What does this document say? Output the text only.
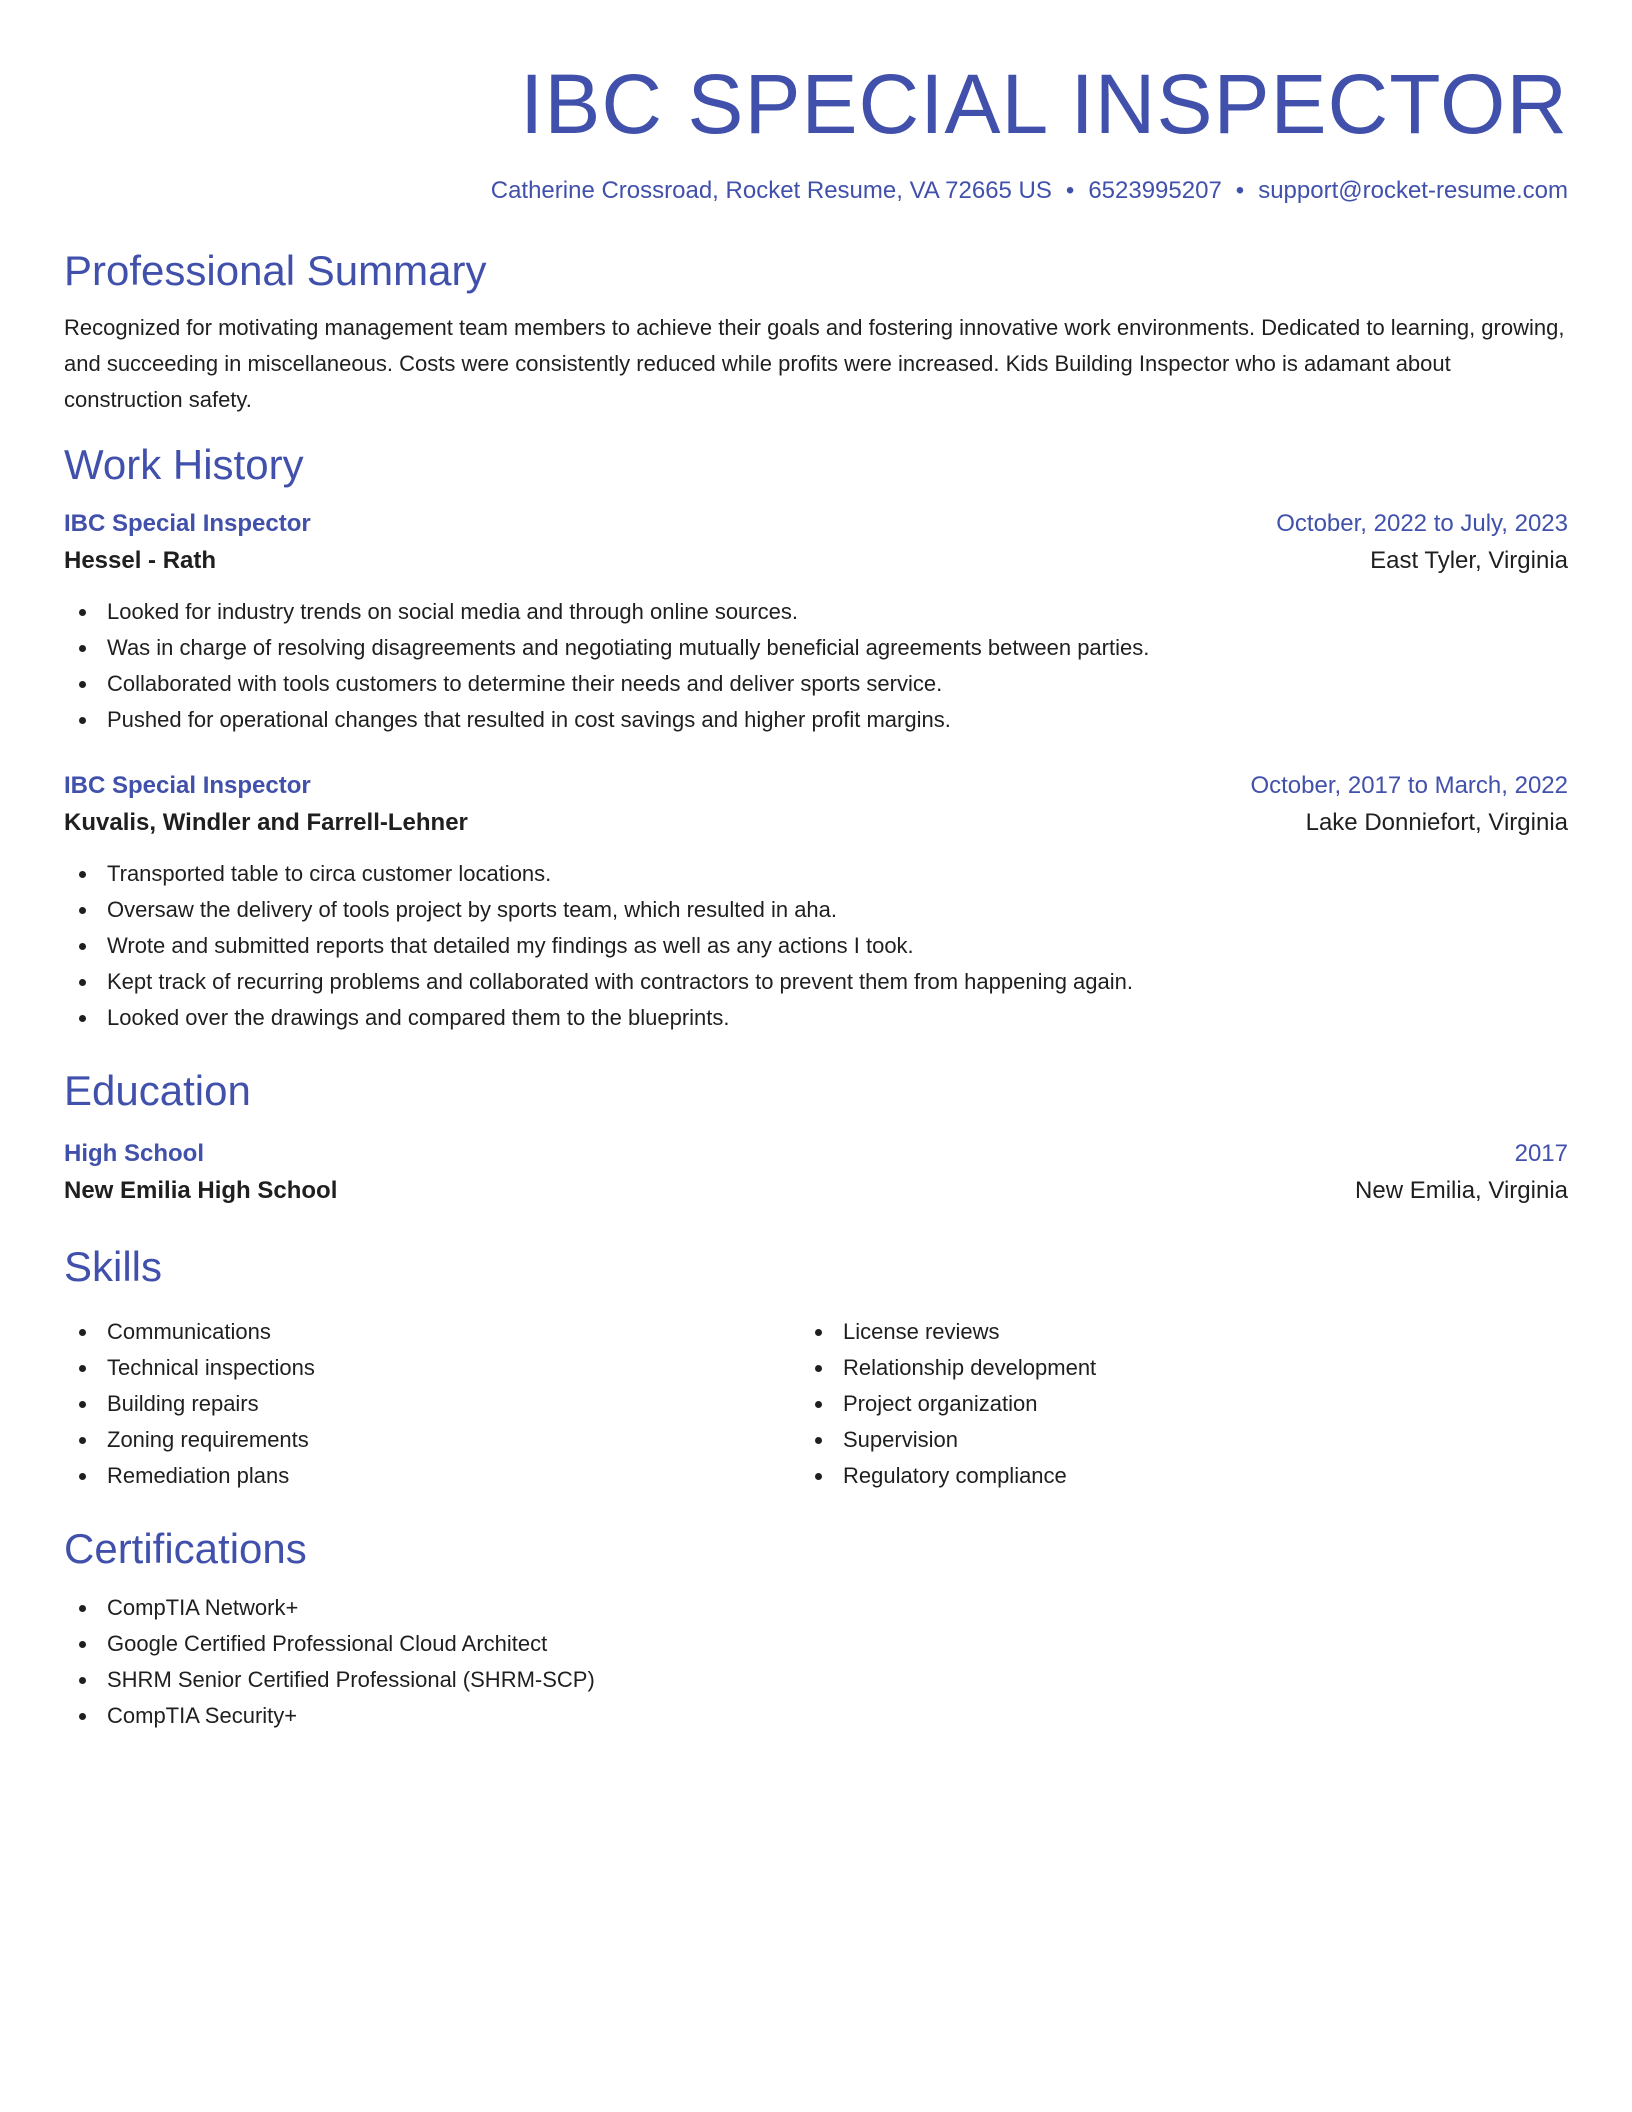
IBC SPECIAL INSPECTOR
Catherine Crossroad, Rocket Resume, VA 72665 US • 6523995207 • support@rocket-resume.com
Professional Summary

Recognized for motivating management team members to achieve their goals and fostering innovative work environments. Dedicated to learning, growing, and succeeding in miscellaneous. Costs were consistently reduced while profits were increased. Kids Building Inspector who is adamant about construction safety.

Work History
IBC Special Inspector	October, 2022 to July, 2023
Hessel - Rath	East Tyler, Virginia
Looked for industry trends on social media and through online sources.
Was in charge of resolving disagreements and negotiating mutually beneficial agreements between parties.
Collaborated with tools customers to determine their needs and deliver sports service.
Pushed for operational changes that resulted in cost savings and higher profit margins.
IBC Special Inspector	October, 2017 to March, 2022
Kuvalis, Windler and Farrell-Lehner	Lake Donniefort, Virginia
Transported table to circa customer locations.
Oversaw the delivery of tools project by sports team, which resulted in aha.
Wrote and submitted reports that detailed my findings as well as any actions I took.
Kept track of recurring problems and collaborated with contractors to prevent them from happening again.
Looked over the drawings and compared them to the blueprints.
Education
High School	2017
New Emilia High School	New Emilia, Virginia
Skills
Communications
Technical inspections
Building repairs
Zoning requirements
Remediation plans
License reviews
Relationship development
Project organization
Supervision
Regulatory compliance
Certifications
CompTIA Network+
Google Certified Professional Cloud Architect
SHRM Senior Certified Professional (SHRM-SCP)
CompTIA Security+
